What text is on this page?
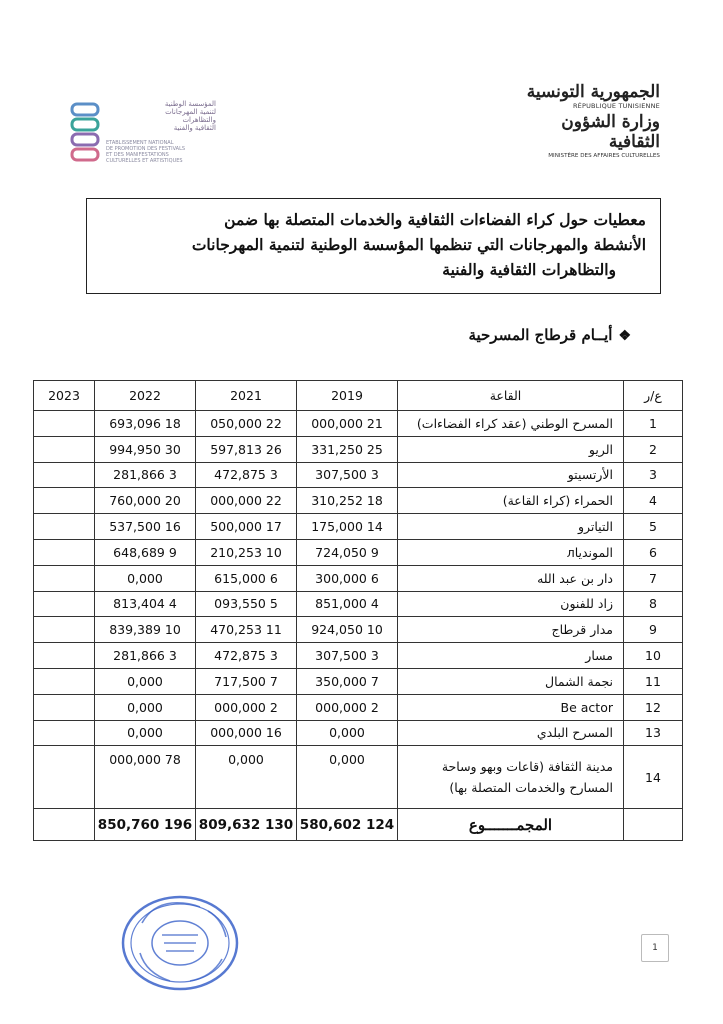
المؤسسة الوطنية
لتنمية المهرجانات
والتظاهرات
الثقافية والفنية
ETABLISSEMENT NATIONAL
DE PROMOTION DES FESTIVALS
ET DES MANIFESTATIONS
CULTURELLES ET ARTISTIQUES
الجمهورية التونسية
RÉPUBLIQUE TUNISIENNE
وزارة الشؤون الثقافية
MINISTÈRE DES AFFAIRES CULTURELLES
معطيات حول كراء الفضاءات الثقافية والخدمات المتصلة بها ضمن
الأنشطة والمهرجانات التي تنظمها المؤسسة الوطنية لتنمية المهرجانات
والتظاهرات الثقافية والفنية
❖أيــام قرطاج المسرحية
ع/ر	القاعة	2019	2021	2022	2023
1	المسرح الوطني (عقد كراء الفضاءات)	21 000,000	22 050,000	18 693,096	
2	الريو	25 331,250	26 597,813	30 994,950	
3	الأرتسيتو	3 307,500	3 472,875	3 281,866	
4	الحمراء (كراء القاعة)	18 310,252	22 000,000	20 760,000	
5	التياترو	14 175,000	17 500,000	16 537,500	
6	الموندياл	9 724,050	10 210,253	9 648,689	
7	دار بن عبد الله	6 300,000	6 615,000	0,000	
8	زاد للفنون	4 851,000	5 093,550	4 813,404	
9	مدار قرطاج	10 924,050	11 470,253	10 839,389	
10	مسار	3 307,500	3 472,875	3 281,866	
11	نجمة الشمال	7 350,000	7 717,500	0,000	
12	Be actor	2 000,000	2 000,000	0,000	
13	المسرح البلدي	0,000	16 000,000	0,000	
14	مدينة الثقافة (قاعات وبهو وساحة
المسارح والخدمات المتصلة بها)	0,000	0,000	78 000,000	
	المجمـــــــوع	124 580,602	130 809,632	196 850,760	
1
